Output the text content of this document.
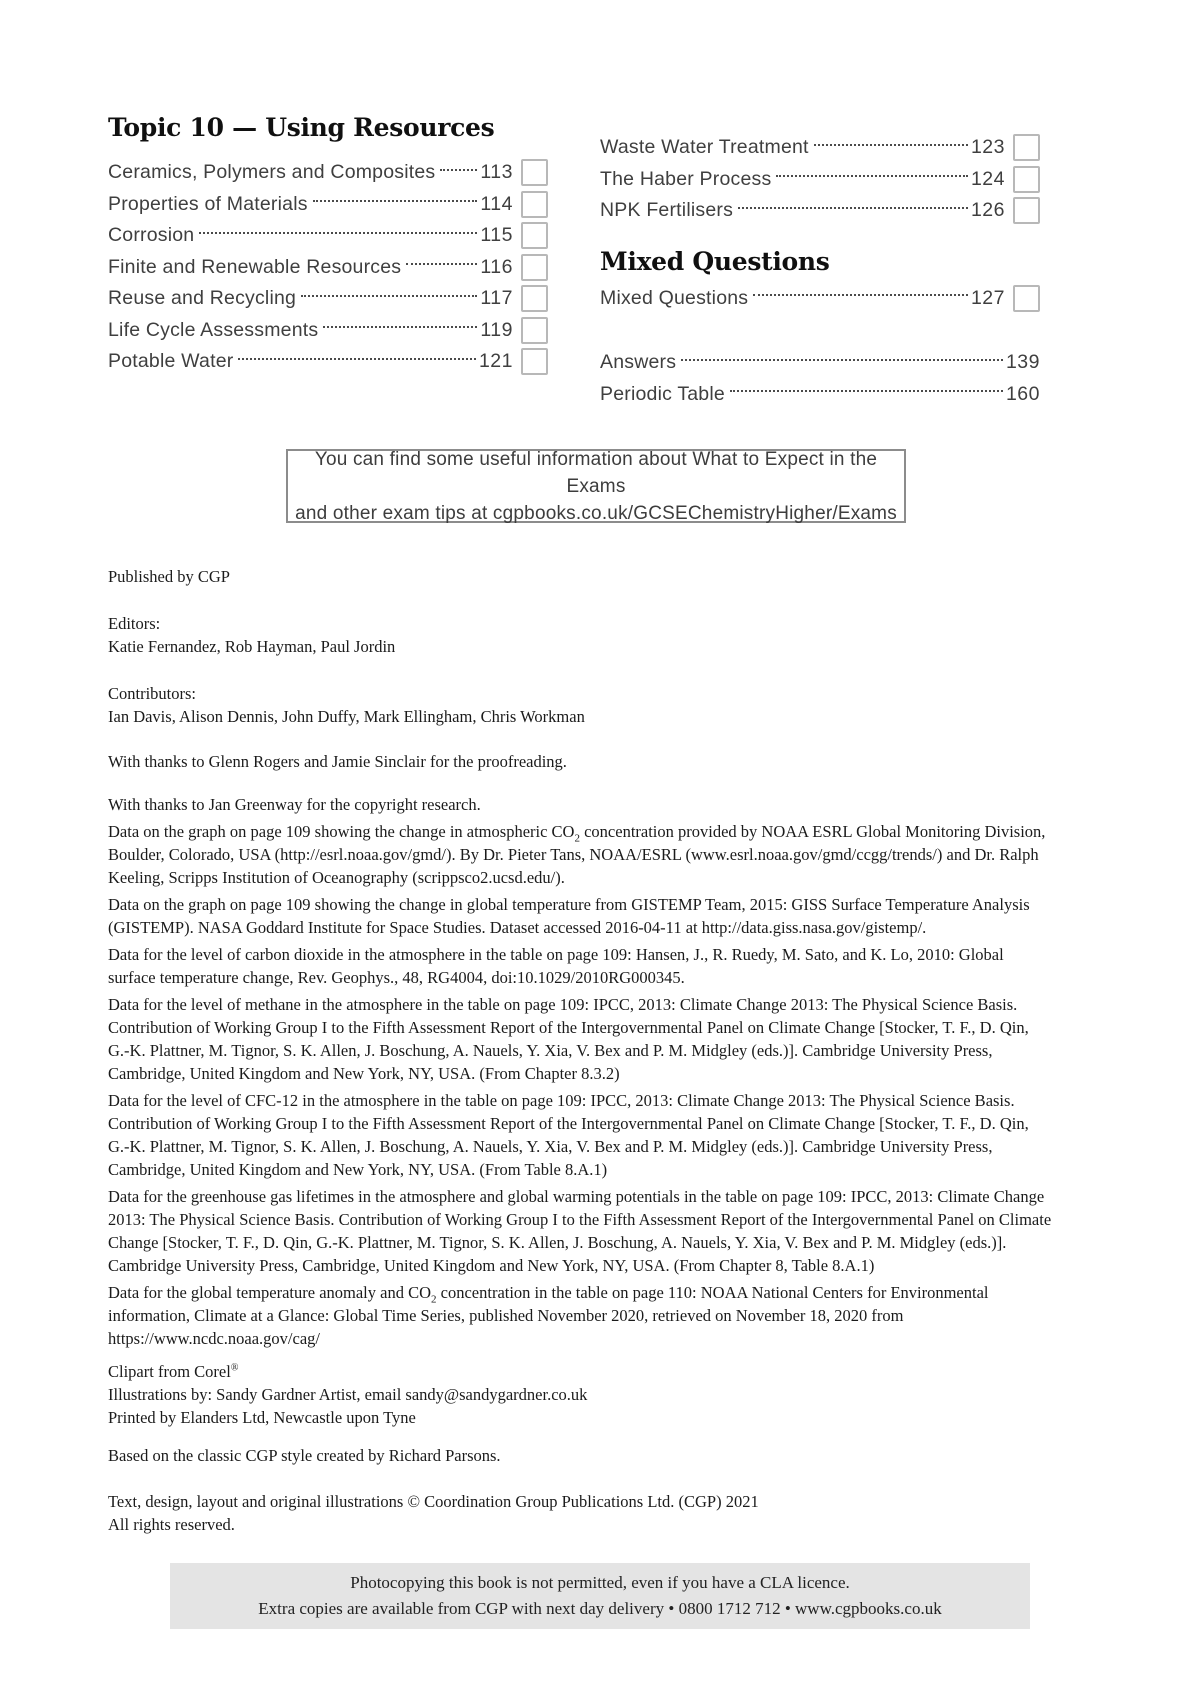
Topic 10 — Using Resources
Ceramics, Polymers and Composites 113
Properties of Materials	114
Corrosion	115
Finite and Renewable Resources	116
Reuse and Recycling	117
Life Cycle Assessments	119
Potable Water	121
Waste Water Treatment	123
The Haber Process	124
NPK Fertilisers	126
Mixed Questions
Mixed Questions	127
Answers	139
Periodic Table	160
You can find some useful information about What to Expect in the Exams
and other exam tips at cgpbooks.co.uk/GCSEChemistryHigher/Exams

Published by CGP

Editors:

Katie Fernandez, Rob Hayman, Paul Jordin

Contributors:

Ian Davis, Alison Dennis, John Duffy, Mark Ellingham, Chris Workman

With thanks to Glenn Rogers and Jamie Sinclair for the proofreading.

With thanks to Jan Greenway for the copyright research.

Data on the graph on page 109 showing the change in atmospheric $CO_2$ concentration provided by NOAA ESRL Global Monitoring Division, Boulder, Colorado, USA (http://esrl.noaa.gov/gmd/). By Dr. Pieter Tans, NOAA/ESRL (www.esrl.noaa.gov/gmd/ccgg/trends/) and Dr. Ralph Keeling, Scripps Institution of Oceanography (scrippsco2.ucsd.edu/).

Data on the graph on page 109 showing the change in global temperature from GISTEMP Team, 2015: GISS Surface Temperature Analysis (GISTEMP). NASA Goddard Institute for Space Studies. Dataset accessed 2016-04-11 at http://data.giss.nasa.gov/gistemp/.

Data for the level of carbon dioxide in the atmosphere in the table on page 109: Hansen, J., R. Ruedy, M. Sato, and K. Lo, 2010: Global surface temperature change, Rev. Geophys., 48, RG4004, doi:10.1029/2010RG000345.

Data for the level of methane in the atmosphere in the table on page 109: IPCC, 2013: Climate Change 2013: The Physical Science Basis. Contribution of Working Group I to the Fifth Assessment Report of the Intergovernmental Panel on Climate Change [Stocker, T. F., D. Qin, G.-K. Plattner, M. Tignor, S. K. Allen, J. Boschung, A. Nauels, Y. Xia, V. Bex and P. M. Midgley (eds.)]. Cambridge University Press, Cambridge, United Kingdom and New York, NY, USA. (From Chapter 8.3.2)

Data for the level of CFC-12 in the atmosphere in the table on page 109: IPCC, 2013: Climate Change 2013: The Physical Science Basis. Contribution of Working Group I to the Fifth Assessment Report of the Intergovernmental Panel on Climate Change [Stocker, T. F., D. Qin, G.-K. Plattner, M. Tignor, S. K. Allen, J. Boschung, A. Nauels, Y. Xia, V. Bex and P. M. Midgley (eds.)]. Cambridge University Press, Cambridge, United Kingdom and New York, NY, USA. (From Table 8.A.1)

Data for the greenhouse gas lifetimes in the atmosphere and global warming potentials in the table on page 109: IPCC, 2013: Climate Change 2013: The Physical Science Basis. Contribution of Working Group I to the Fifth Assessment Report of the Intergovernmental Panel on Climate Change [Stocker, T. F., D. Qin, G.-K. Plattner, M. Tignor, S. K. Allen, J. Boschung, A. Nauels, Y. Xia, V. Bex and P. M. Midgley (eds.)]. Cambridge University Press, Cambridge, United Kingdom and New York, NY, USA. (From Chapter 8, Table 8.A.1)

Data for the global temperature anomaly and $CO_2$ concentration in the table on page 110: NOAA National Centers for Environmental information, Climate at a Glance: Global Time Series, published November 2020, retrieved on November 18, 2020 from https://www.ncdc.noaa.gov/cag/

Clipart from Corel®

Illustrations by: Sandy Gardner Artist, email sandy@sandygardner.co.uk

Printed by Elanders Ltd, Newcastle upon Tyne

Based on the classic CGP style created by Richard Parsons.

Text, design, layout and original illustrations © Coordination Group Publications Ltd. (CGP) 2021

All rights reserved.

Photocopying this book is not permitted, even if you have a CLA licence.
Extra copies are available from CGP with next day delivery • 0800 1712 712 • www.cgpbooks.co.uk
